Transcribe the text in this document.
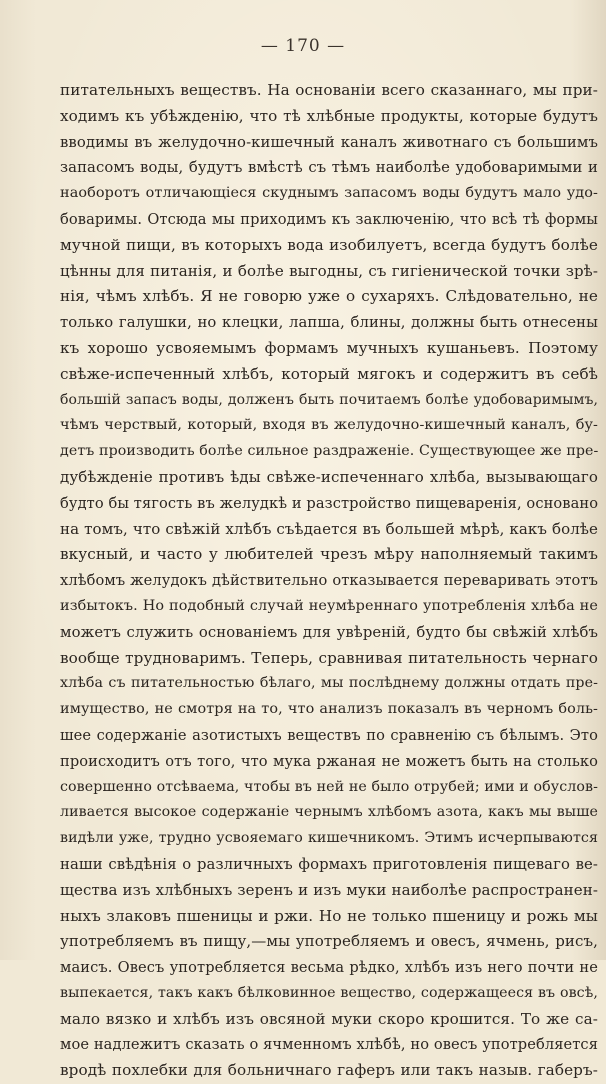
— 170 —
питательныхъ веществъ. На основаніи всего сказаннаго, мы при-
ходимъ къ убѣжденію, что тѣ хлѣбные продукты, которые будутъ
вводимы въ желудочно-кишечный каналъ животнаго съ большимъ
запасомъ воды, будутъ вмѣстѣ съ тѣмъ наиболѣе удобоваримыми и
наоборотъ отличающіеся скуднымъ запасомъ воды будутъ мало удо-
боваримы. Отсюда мы приходимъ къ заключенію, что всѣ тѣ формы
мучной пищи, въ которыхъ вода изобилуетъ, всегда будутъ болѣе
цѣнны для питанія, и болѣе выгодны, съ гигіенической точки зрѣ-
нія, чѣмъ хлѣбъ. Я не говорю уже о сухаряхъ. Слѣдовательно, не
только галушки, но клецки, лапша, блины, должны быть отнесены
къ хорошо усвояемымъ формамъ мучныхъ кушаньевъ. Поэтому
свѣже-испеченный хлѣбъ, который мягокъ и содержитъ въ себѣ
большій запасъ воды, долженъ быть почитаемъ болѣе удобоваримымъ,
чѣмъ черствый, который, входя въ желудочно-кишечный каналъ, бу-
детъ производить болѣе сильное раздраженіе. Существующее же пре-
дубѣжденіе противъ ѣды свѣже-испеченнаго хлѣба, вызывающаго
будто бы тягость въ желудкѣ и разстройство пищеваренія, основано
на томъ, что свѣжій хлѣбъ съѣдается въ большей мѣрѣ, какъ болѣе
вкусный, и часто у любителей чрезъ мѣру наполняемый такимъ
хлѣбомъ желудокъ дѣйствительно отказывается переваривать этотъ
избытокъ. Но подобный случай неумѣреннаго употребленія хлѣба не
можетъ служить основаніемъ для увѣреній, будто бы свѣжій хлѣбъ
вообще трудноваримъ. Теперь, сравнивая питательность чернаго
хлѣба съ питательностью бѣлаго, мы послѣднему должны отдать пре-
имущество, не смотря на то, что анализъ показалъ въ черномъ боль-
шее содержаніе азотистыхъ веществъ по сравненію съ бѣлымъ. Это
происходитъ отъ того, что мука ржаная не можетъ быть на столько
совершенно отсѣваема, чтобы въ ней не было отрубей; ими и обуслов-
ливается высокое содержаніе чернымъ хлѣбомъ азота, какъ мы выше
видѣли уже, трудно усвояемаго кишечникомъ. Этимъ исчерпываются
наши свѣдѣнія о различныхъ формахъ приготовленія пищеваго ве-
щества изъ хлѣбныхъ зеренъ и изъ муки наиболѣе распространен-
ныхъ злаковъ пшеницы и ржи. Но не только пшеницу и рожь мы
употребляемъ въ пищу,—мы употребляемъ и овесъ, ячмень, рисъ,
маисъ. Овесъ употребляется весьма рѣдко, хлѣбъ изъ него почти не
выпекается, такъ какъ бѣлковинное вещество, содержащееся въ овсѣ,
мало вязко и хлѣбъ изъ овсяной муки скоро крошится. То же са-
мое надлежитъ сказать о ячменномъ хлѣбѣ, но овесъ употребляется
вродѣ похлебки для больничнаго гаферъ или такъ назыв. габеръ-
